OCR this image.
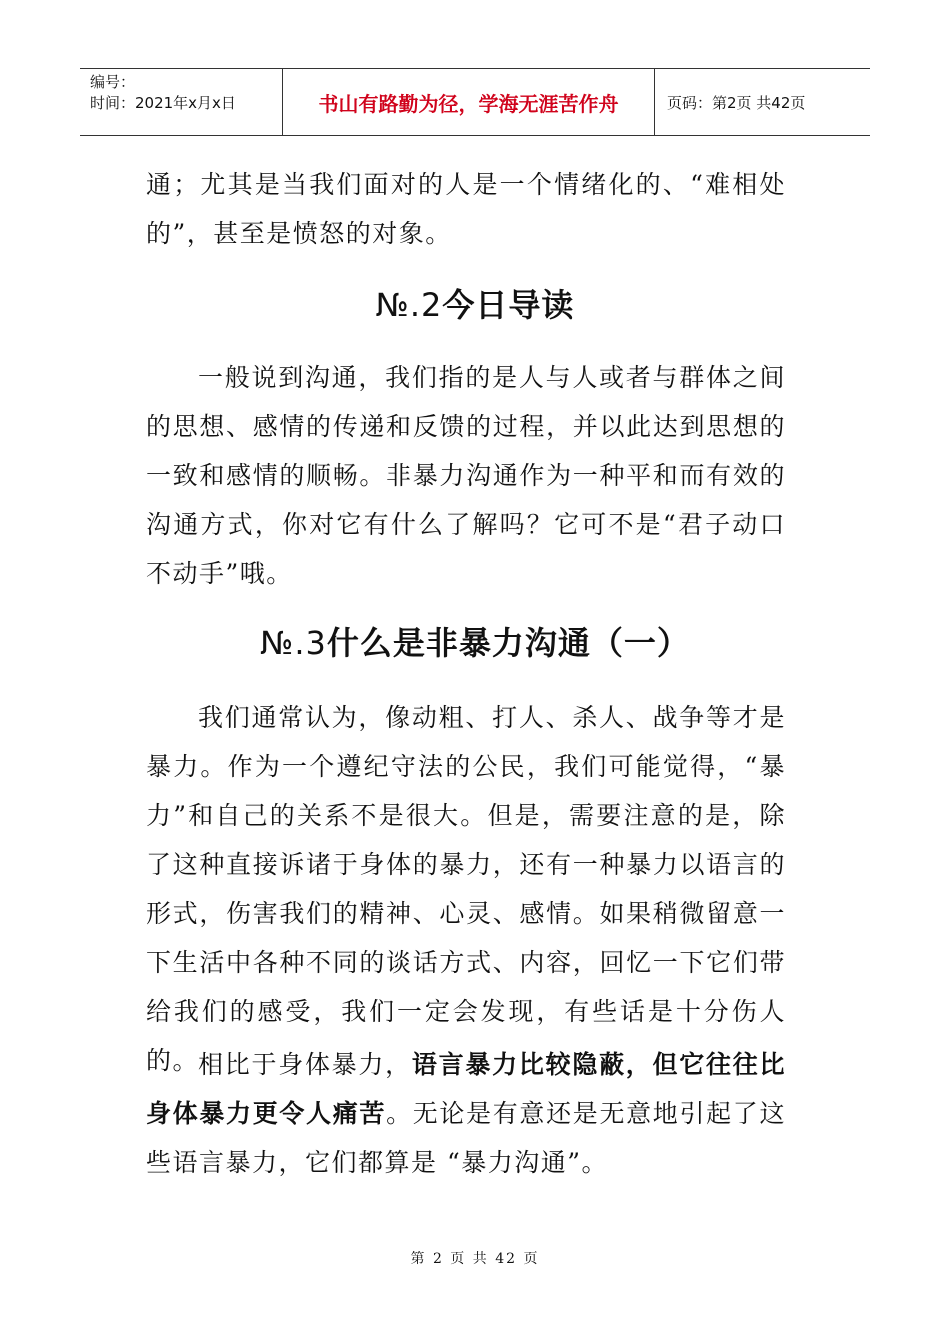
编号：
时间：2021年x月x日	书山有路勤为径，学海无涯苦作舟	页码：第2页 共42页

通；尤其是当我们面对的人是一个情绪化的、“难相处的”，甚至是愤怒的对象。

№.2今日导读

一般说到沟通，我们指的是人与人或者与群体之间的思想、感情的传递和反馈的过程，并以此达到思想的一致和感情的顺畅。非暴力沟通作为一种平和而有效的沟通方式，你对它有什么了解吗？它可不是“君子动口不动手”哦。

№.3什么是非暴力沟通（一）

我们通常认为，像动粗、打人、杀人、战争等才是暴力。作为一个遵纪守法的公民，我们可能觉得，“暴力”和自己的关系不是很大。但是，需要注意的是，除了这种直接诉诸于身体的暴力，还有一种暴力以语言的形式，伤害我们的精神、心灵、感情。如果稍微留意一下生活中各种不同的谈话方式、内容，回忆一下它们带给我们的感受，我们一定会发现，有些话是十分伤人的。

相比于身体暴力，语言暴力比较隐蔽，但它往往比身体暴力更令人痛苦。无论是有意还是无意地引起了这些语言暴力，它们都算是 “暴力沟通”。

第 2 页 共 42 页
